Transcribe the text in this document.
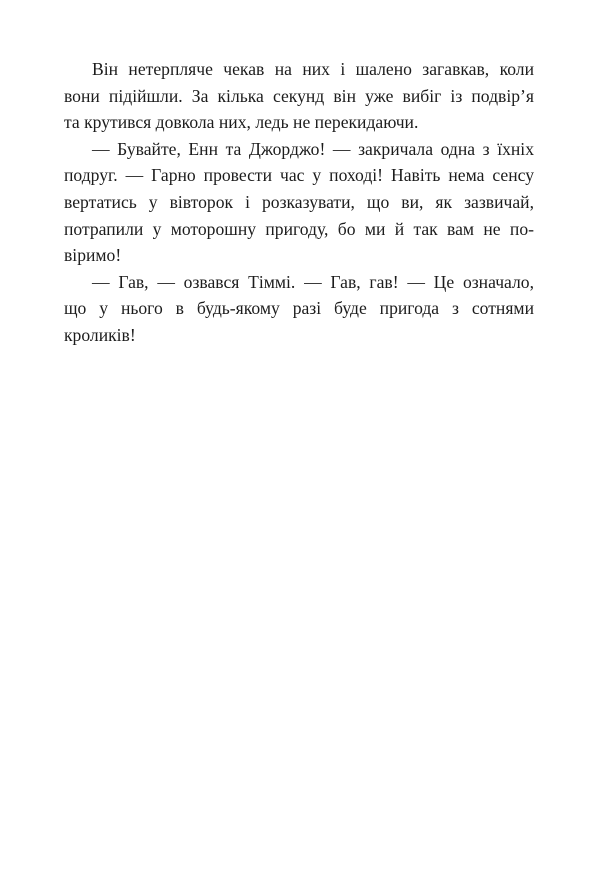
Він нетерпляче чекав на них і шалено загавкав, коли
вони підійшли. За кілька секунд він уже вибіг із подвір’я
та крутився довкола них, ледь не перекидаючи.
— Бувайте, Енн та Джорджо! — закричала одна з їхніх
подруг. — Гарно провести час у поході! Навіть нема сенсу
вертатись у вівторок і розказувати, що ви, як зазвичай,
потрапили у моторошну пригоду, бо ми й так вам не по-
віримо!
— Гав, — озвався Тіммі. — Гав, гав! — Це означало,
що у нього в будь-якому разі буде пригода з сотнями
кроликів!
